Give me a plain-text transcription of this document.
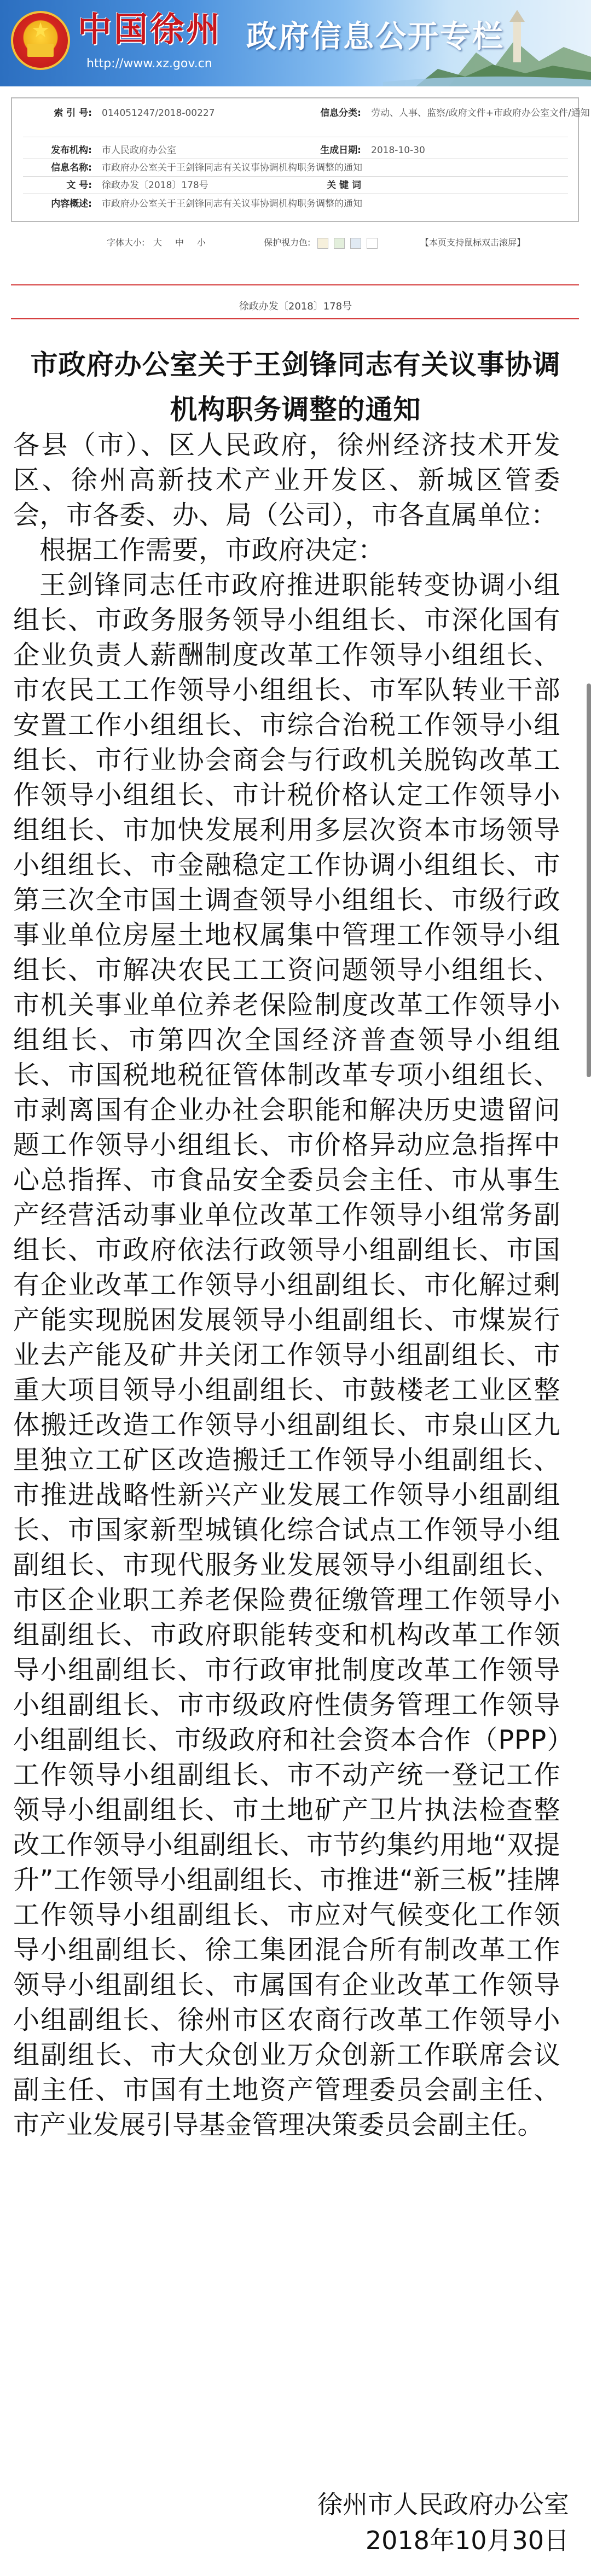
★ 中国徐州
http://www.xz.gov.cn
政府信息公开专栏
索 引 号: 014051247/2018-00227	信息分类: 劳动、人事、监察/政府文件+市政府办公室文件/通知
发布机构: 市人民政府办公室	生成日期: 2018-10-30
信息名称: 市政府办公室关于王剑锋同志有关议事协调机构职务调整的通知
文 号: 徐政办发〔2018〕178号	关 键 词
内容概述: 市政府办公室关于王剑锋同志有关议事协调机构职务调整的通知
字体大小: 大 中 小	保护视力色:	【本页支持鼠标双击滚屏】
徐政办发〔2018〕178号
市政府办公室关于王剑锋同志有关议事协调机构职务调整的通知

各县（市）、区人民政府，徐州经济技术开发区、徐州高新技术产业开发区、新城区管委会，市各委、办、局（公司），市各直属单位：

根据工作需要，市政府决定：

王剑锋同志任市政府推进职能转变协调小组组长、市政务服务领导小组组长、市深化国有企业负责人薪酬制度改革工作领导小组组长、市农民工工作领导小组组长、市军队转业干部安置工作小组组长、市综合治税工作领导小组组长、市行业协会商会与行政机关脱钩改革工作领导小组组长、市计税价格认定工作领导小组组长、市加快发展利用多层次资本市场领导小组组长、市金融稳定工作协调小组组长、市第三次全市国土调查领导小组组长、市级行政事业单位房屋土地权属集中管理工作领导小组组长、市解决农民工工资问题领导小组组长、市机关事业单位养老保险制度改革工作领导小组组长、市第四次全国经济普查领导小组组长、市国税地税征管体制改革专项小组组长、市剥离国有企业办社会职能和解决历史遗留问题工作领导小组组长、市价格异动应急指挥中心总指挥、市食品安全委员会主任、市从事生产经营活动事业单位改革工作领导小组常务副组长、市政府依法行政领导小组副组长、市国有企业改革工作领导小组副组长、市化解过剩产能实现脱困发展领导小组副组长、市煤炭行业去产能及矿井关闭工作领导小组副组长、市重大项目领导小组副组长、市鼓楼老工业区整体搬迁改造工作领导小组副组长、市泉山区九里独立工矿区改造搬迁工作领导小组副组长、市推进战略性新兴产业发展工作领导小组副组长、市国家新型城镇化综合试点工作领导小组副组长、市现代服务业发展领导小组副组长、市区企业职工养老保险费征缴管理工作领导小组副组长、市政府职能转变和机构改革工作领导小组副组长、市行政审批制度改革工作领导小组副组长、市市级政府性债务管理工作领导小组副组长、市级政府和社会资本合作（PPP）工作领导小组副组长、市不动产统一登记工作领导小组副组长、市土地矿产卫片执法检查整改工作领导小组副组长、市节约集约用地“双提升”工作领导小组副组长、市推进“新三板”挂牌工作领导小组副组长、市应对气候变化工作领导小组副组长、徐工集团混合所有制改革工作领导小组副组长、市属国有企业改革工作领导小组副组长、徐州市区农商行改革工作领导小组副组长、市大众创业万众创新工作联席会议副主任、市国有土地资产管理委员会副主任、市产业发展引导基金管理决策委员会副主任。

徐州市人民政府办公室
2018年10月30日
